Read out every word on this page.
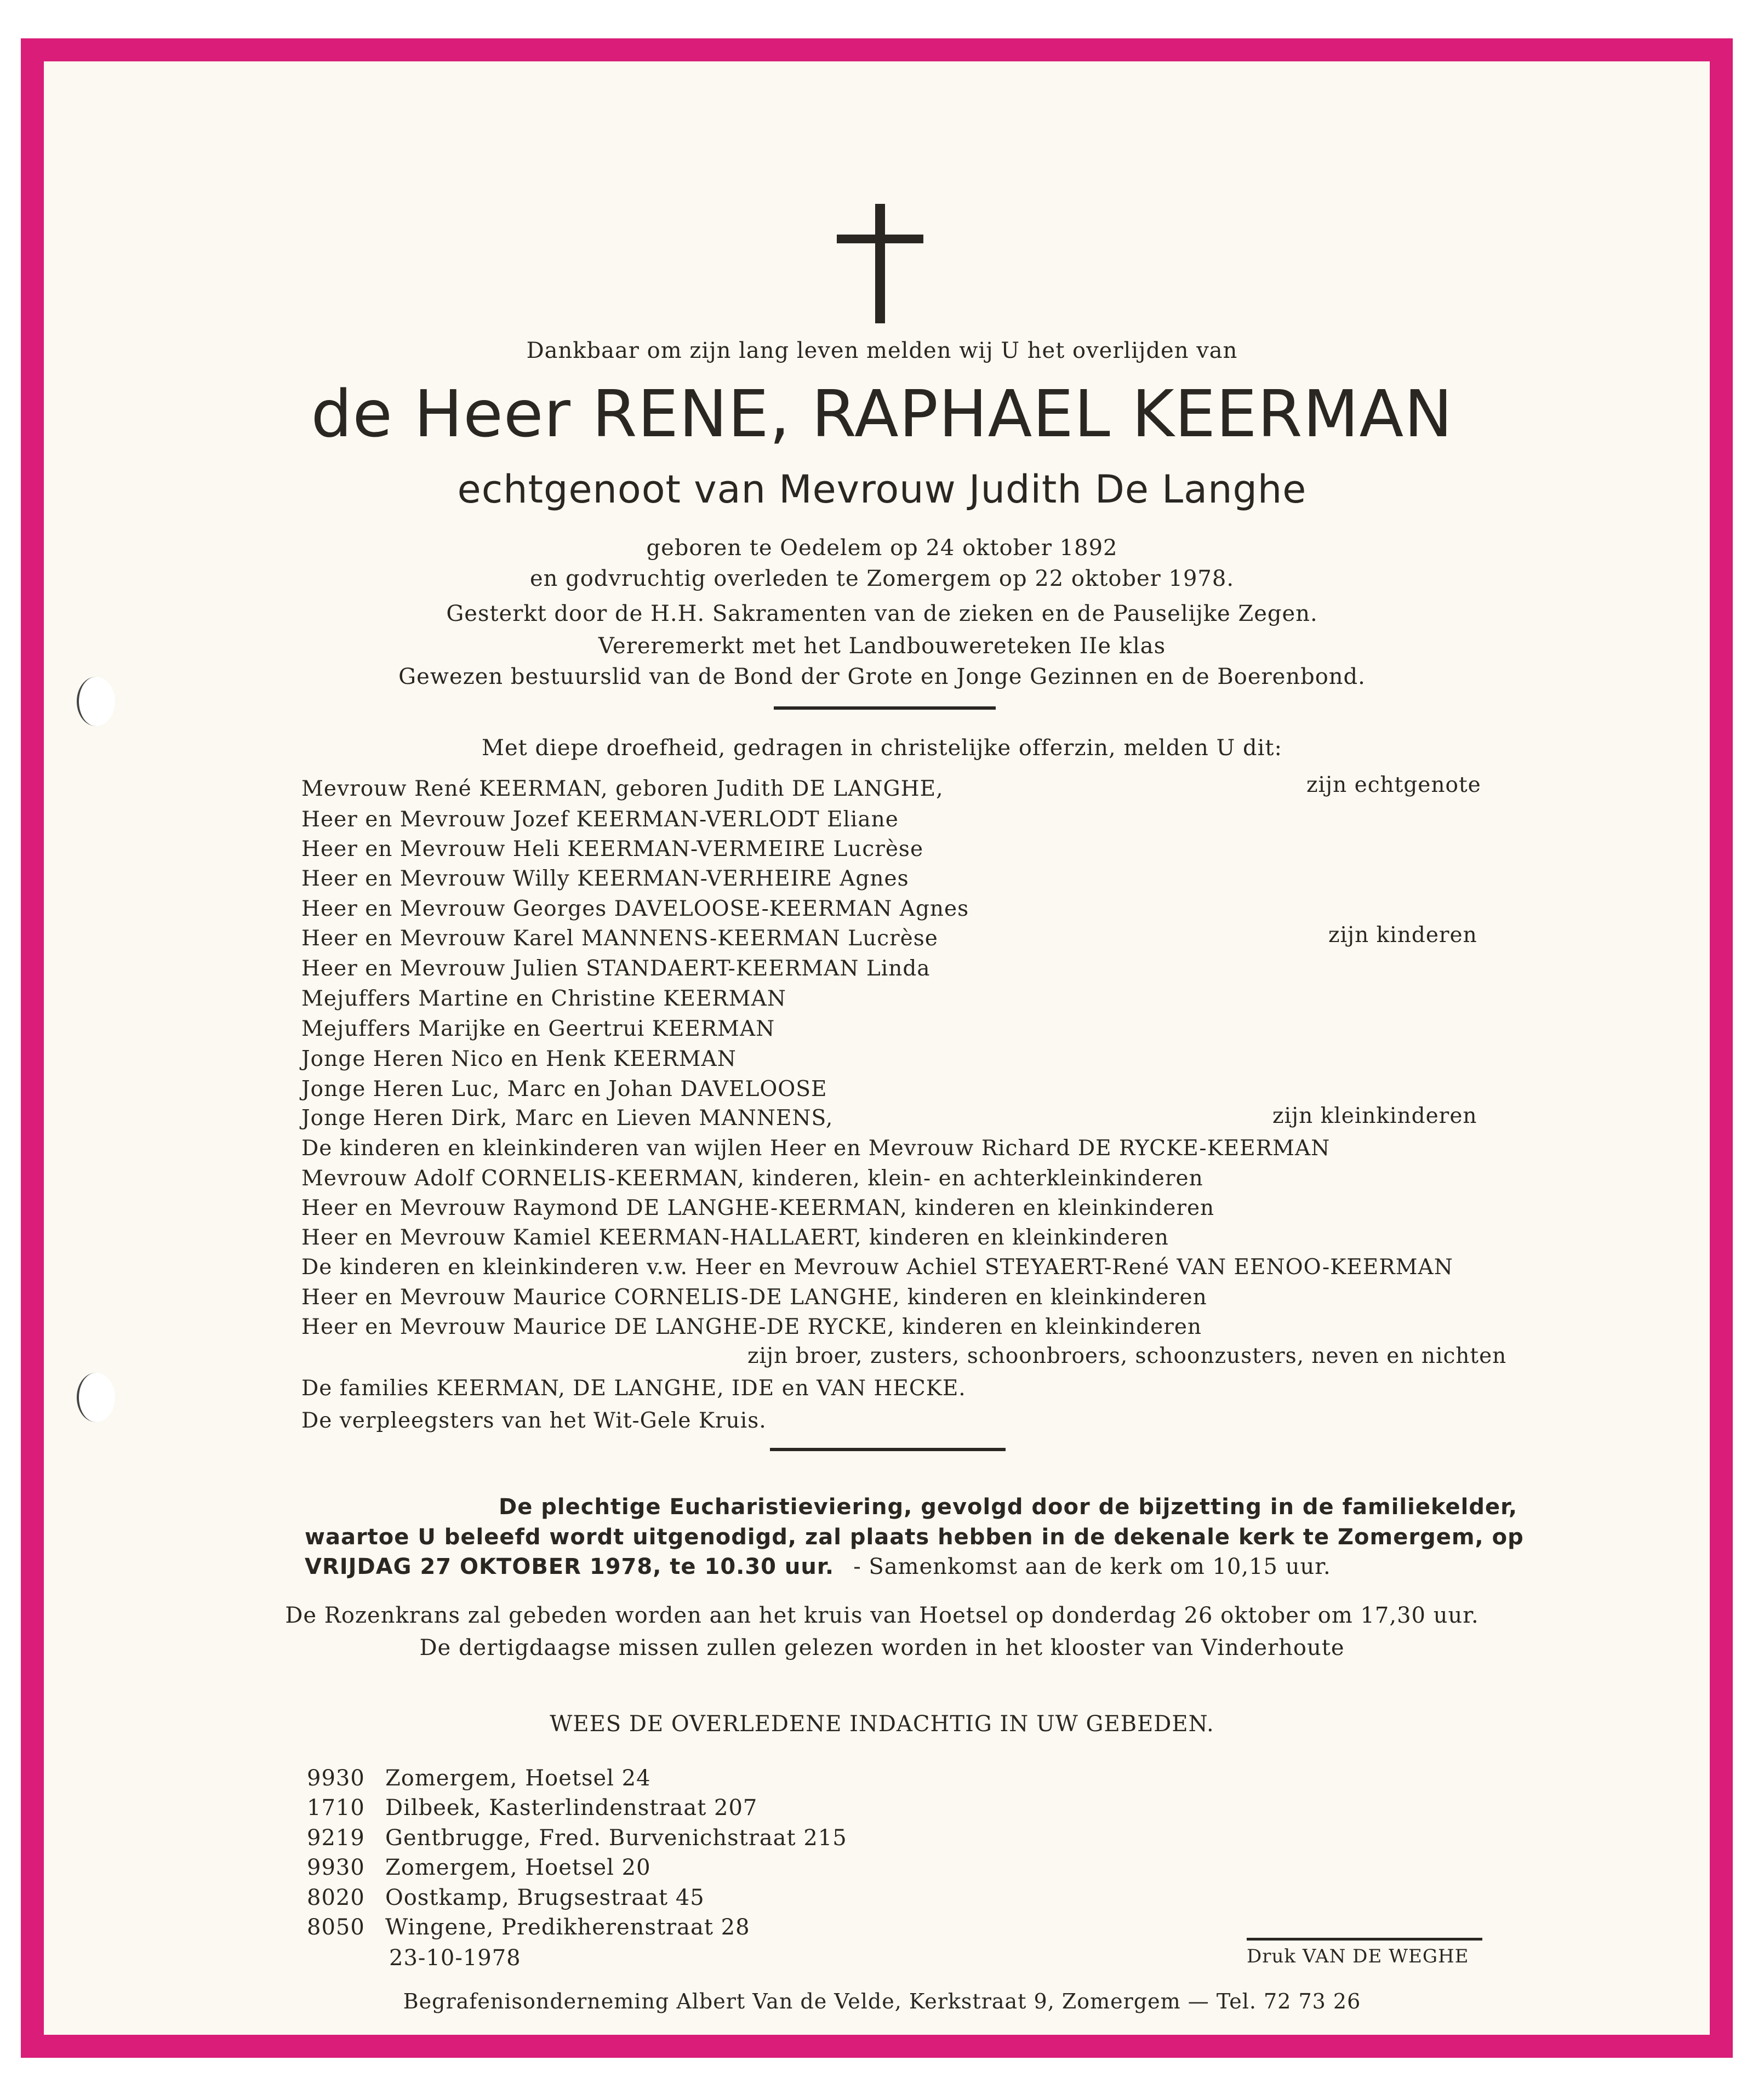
Dankbaar om zijn lang leven melden wij U het overlijden van
de Heer RENE, RAPHAEL KEERMAN
echtgenoot van Mevrouw Judith De Langhe
geboren te Oedelem op 24 oktober 1892
en godvruchtig overleden te Zomergem op 22 oktober 1978.
Gesterkt door de H.H. Sakramenten van de zieken en de Pauselijke Zegen.
Vereremerkt met het Landbouwereteken IIe klas
Gewezen bestuurslid van de Bond der Grote en Jonge Gezinnen en de Boerenbond.
Met diepe droefheid, gedragen in christelijke offerzin, melden U dit:
Mevrouw René KEERMAN, geboren Judith DE LANGHE,
Heer en Mevrouw Jozef KEERMAN-VERLODT Eliane
Heer en Mevrouw Heli KEERMAN-VERMEIRE Lucrèse
Heer en Mevrouw Willy KEERMAN-VERHEIRE Agnes
Heer en Mevrouw Georges DAVELOOSE-KEERMAN Agnes
Heer en Mevrouw Karel MANNENS-KEERMAN Lucrèse
Heer en Mevrouw Julien STANDAERT-KEERMAN Linda
Mejuffers Martine en Christine KEERMAN
Mejuffers Marijke en Geertrui KEERMAN
Jonge Heren Nico en Henk KEERMAN
Jonge Heren Luc, Marc en Johan DAVELOOSE
Jonge Heren Dirk, Marc en Lieven MANNENS,
De kinderen en kleinkinderen van wijlen Heer en Mevrouw Richard DE RYCKE-KEERMAN
Mevrouw Adolf CORNELIS-KEERMAN, kinderen, klein- en achterkleinkinderen
Heer en Mevrouw Raymond DE LANGHE-KEERMAN, kinderen en kleinkinderen
Heer en Mevrouw Kamiel KEERMAN-HALLAERT, kinderen en kleinkinderen
De kinderen en kleinkinderen v.w. Heer en Mevrouw Achiel STEYAERT-René VAN EENOO-KEERMAN
Heer en Mevrouw Maurice CORNELIS-DE LANGHE, kinderen en kleinkinderen
Heer en Mevrouw Maurice DE LANGHE-DE RYCKE, kinderen en kleinkinderen
zijn echtgenote
zijn kinderen
zijn kleinkinderen
zijn broer, zusters, schoonbroers, schoonzusters, neven en nichten
De families KEERMAN, DE LANGHE, IDE en VAN HECKE.
De verpleegsters van het Wit-Gele Kruis.
De plechtige Eucharistieviering, gevolgd door de bijzetting in de familiekelder,
waartoe U beleefd wordt uitgenodigd, zal plaats hebben in de dekenale kerk te Zomergem, op
VRIJDAG 27 OKTOBER 1978, te 10.30 uur. - Samenkomst aan de kerk om 10,15 uur.
De Rozenkrans zal gebeden worden aan het kruis van Hoetsel op donderdag 26 oktober om 17,30 uur.
De dertigdaagse missen zullen gelezen worden in het klooster van Vinderhoute
WEES DE OVERLEDENE INDACHTIG IN UW GEBEDEN.
9930 Zomergem, Hoetsel 24
1710 Dilbeek, Kasterlindenstraat 207
9219 Gentbrugge, Fred. Burvenichstraat 215
9930 Zomergem, Hoetsel 20
8020 Oostkamp, Brugsestraat 45
8050 Wingene, Predikherenstraat 28
23-10-1978	Druk VAN DE WEGHE
Begrafenisonderneming Albert Van de Velde, Kerkstraat 9, Zomergem — Tel. 72 73 26
